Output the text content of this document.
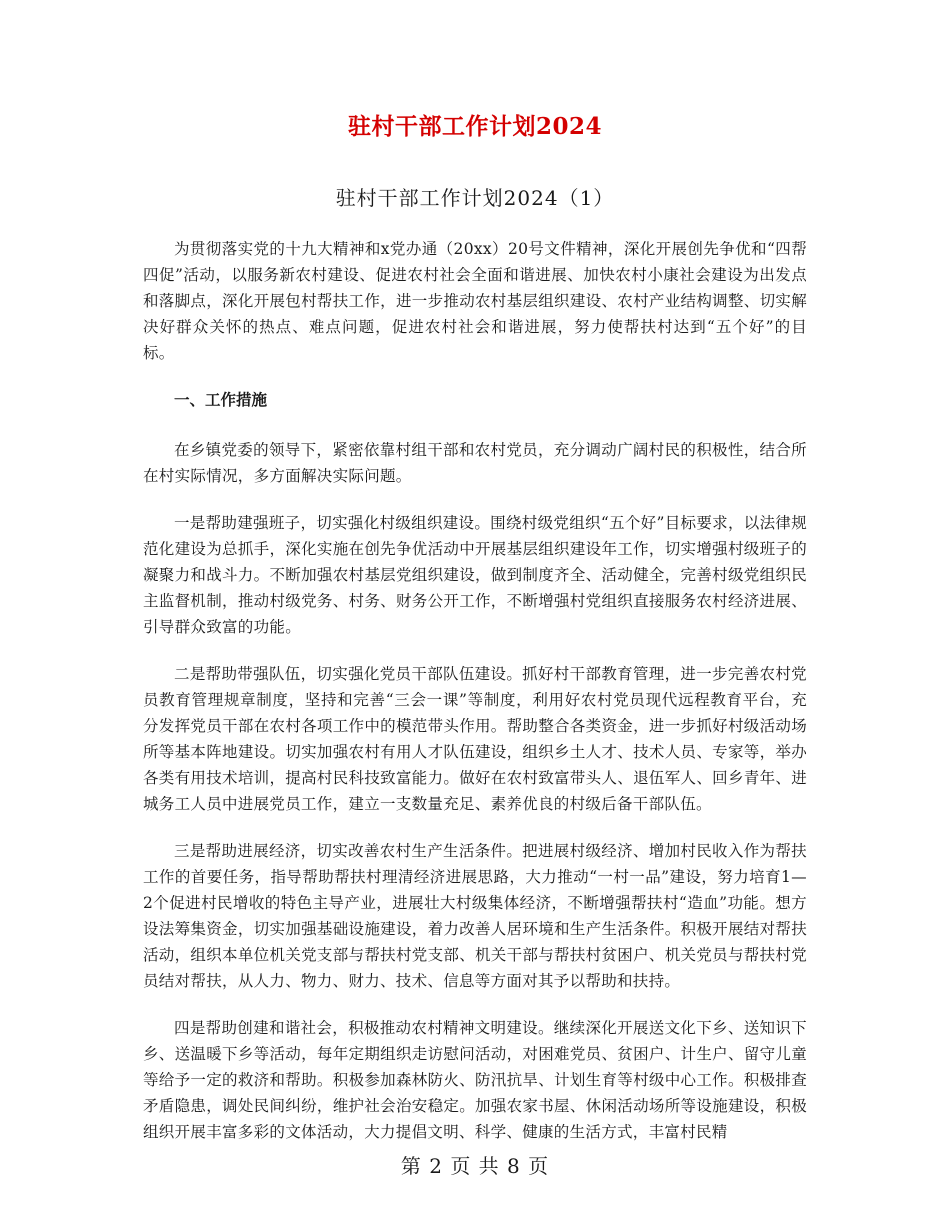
驻村干部工作计划2024
驻村干部工作计划2024（1）

为贯彻落实党的十九大精神和x党办通（20xx）20号文件精神，深化开展创先争优和“四帮四促”活动，以服务新农村建设、促进农村社会全面和谐进展、加快农村小康社会建设为出发点和落脚点，深化开展包村帮扶工作，进一步推动农村基层组织建设、农村产业结构调整、切实解决好群众关怀的热点、难点问题，促进农村社会和谐进展，努力使帮扶村达到“五个好”的目标。

一、工作措施

在乡镇党委的领导下，紧密依靠村组干部和农村党员，充分调动广阔村民的积极性，结合所在村实际情况，多方面解决实际问题。

一是帮助建强班子，切实强化村级组织建设。围绕村级党组织“五个好”目标要求，以法律规范化建设为总抓手，深化实施在创先争优活动中开展基层组织建设年工作，切实增强村级班子的凝聚力和战斗力。不断加强农村基层党组织建设，做到制度齐全、活动健全，完善村级党组织民主监督机制，推动村级党务、村务、财务公开工作，不断增强村党组织直接服务农村经济进展、引导群众致富的功能。

二是帮助带强队伍，切实强化党员干部队伍建设。抓好村干部教育管理，进一步完善农村党员教育管理规章制度，坚持和完善“三会一课”等制度，利用好农村党员现代远程教育平台，充分发挥党员干部在农村各项工作中的模范带头作用。帮助整合各类资金，进一步抓好村级活动场所等基本阵地建设。切实加强农村有用人才队伍建设，组织乡土人才、技术人员、专家等，举办各类有用技术培训，提高村民科技致富能力。做好在农村致富带头人、退伍军人、回乡青年、进城务工人员中进展党员工作，建立一支数量充足、素养优良的村级后备干部队伍。

三是帮助进展经济，切实改善农村生产生活条件。把进展村级经济、增加村民收入作为帮扶工作的首要任务，指导帮助帮扶村理清经济进展思路，大力推动“一村一品”建设，努力培育1—2个促进村民增收的特色主导产业，进展壮大村级集体经济，不断增强帮扶村“造血”功能。想方设法筹集资金，切实加强基础设施建设，着力改善人居环境和生产生活条件。积极开展结对帮扶活动，组织本单位机关党支部与帮扶村党支部、机关干部与帮扶村贫困户、机关党员与帮扶村党员结对帮扶，从人力、物力、财力、技术、信息等方面对其予以帮助和扶持。

四是帮助创建和谐社会，积极推动农村精神文明建设。继续深化开展送文化下乡、送知识下乡、送温暖下乡等活动，每年定期组织走访慰问活动，对困难党员、贫困户、计生户、留守儿童等给予一定的救济和帮助。积极参加森林防火、防汛抗旱、计划生育等村级中心工作。积极排查矛盾隐患，调处民间纠纷，维护社会治安稳定。加强农家书屋、休闲活动场所等设施建设，积极组织开展丰富多彩的文体活动，大力提倡文明、科学、健康的生活方式，丰富村民精

第 2 页 共 8 页
